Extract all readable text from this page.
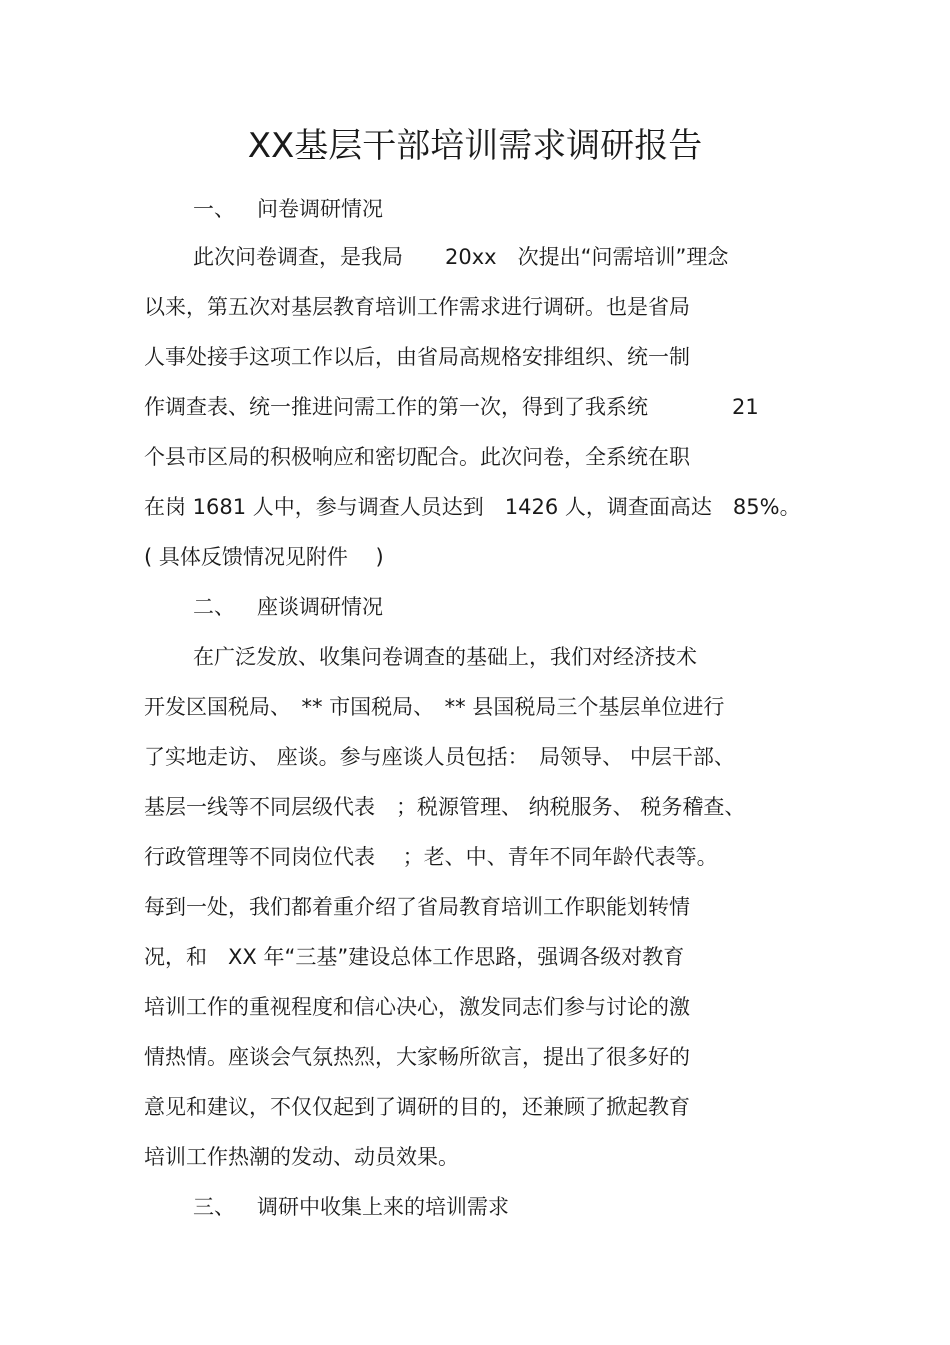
XX基层干部培训需求调研报告
一、 问卷调研情况
此次问卷调查，是我局　　20xx　次提出“问需培训”理念
以来，第五次对基层教育培训工作需求进行调研。也是省局
人事处接手这项工作以后，由省局高规格安排组织、统一制
作调查表、统一推进问需工作的第一次，得到了我系统　　　　21
个县市区局的积极响应和密切配合。此次问卷，全系统在职
在岗 1681 人中，参与调查人员达到　1426 人，调查面高达　85%。
( 具体反馈情况见附件　 )
二、 座谈调研情况
在广泛发放、收集问卷调查的基础上，我们对经济技术
开发区国税局、　** 市国税局、　** 县国税局三个基层单位进行
了实地走访、 座谈。参与座谈人员包括：　局领导、 中层干部、
基层一线等不同层级代表　；税源管理、 纳税服务、 税务稽查、
行政管理等不同岗位代表　 ；老、中、青年不同年龄代表等。
每到一处，我们都着重介绍了省局教育培训工作职能划转情
况，和　XX 年“三基”建设总体工作思路，强调各级对教育
培训工作的重视程度和信心决心，激发同志们参与讨论的激
情热情。座谈会气氛热烈，大家畅所欲言，提出了很多好的
意见和建议，不仅仅起到了调研的目的，还兼顾了掀起教育
培训工作热潮的发动、动员效果。
三、 调研中收集上来的培训需求
